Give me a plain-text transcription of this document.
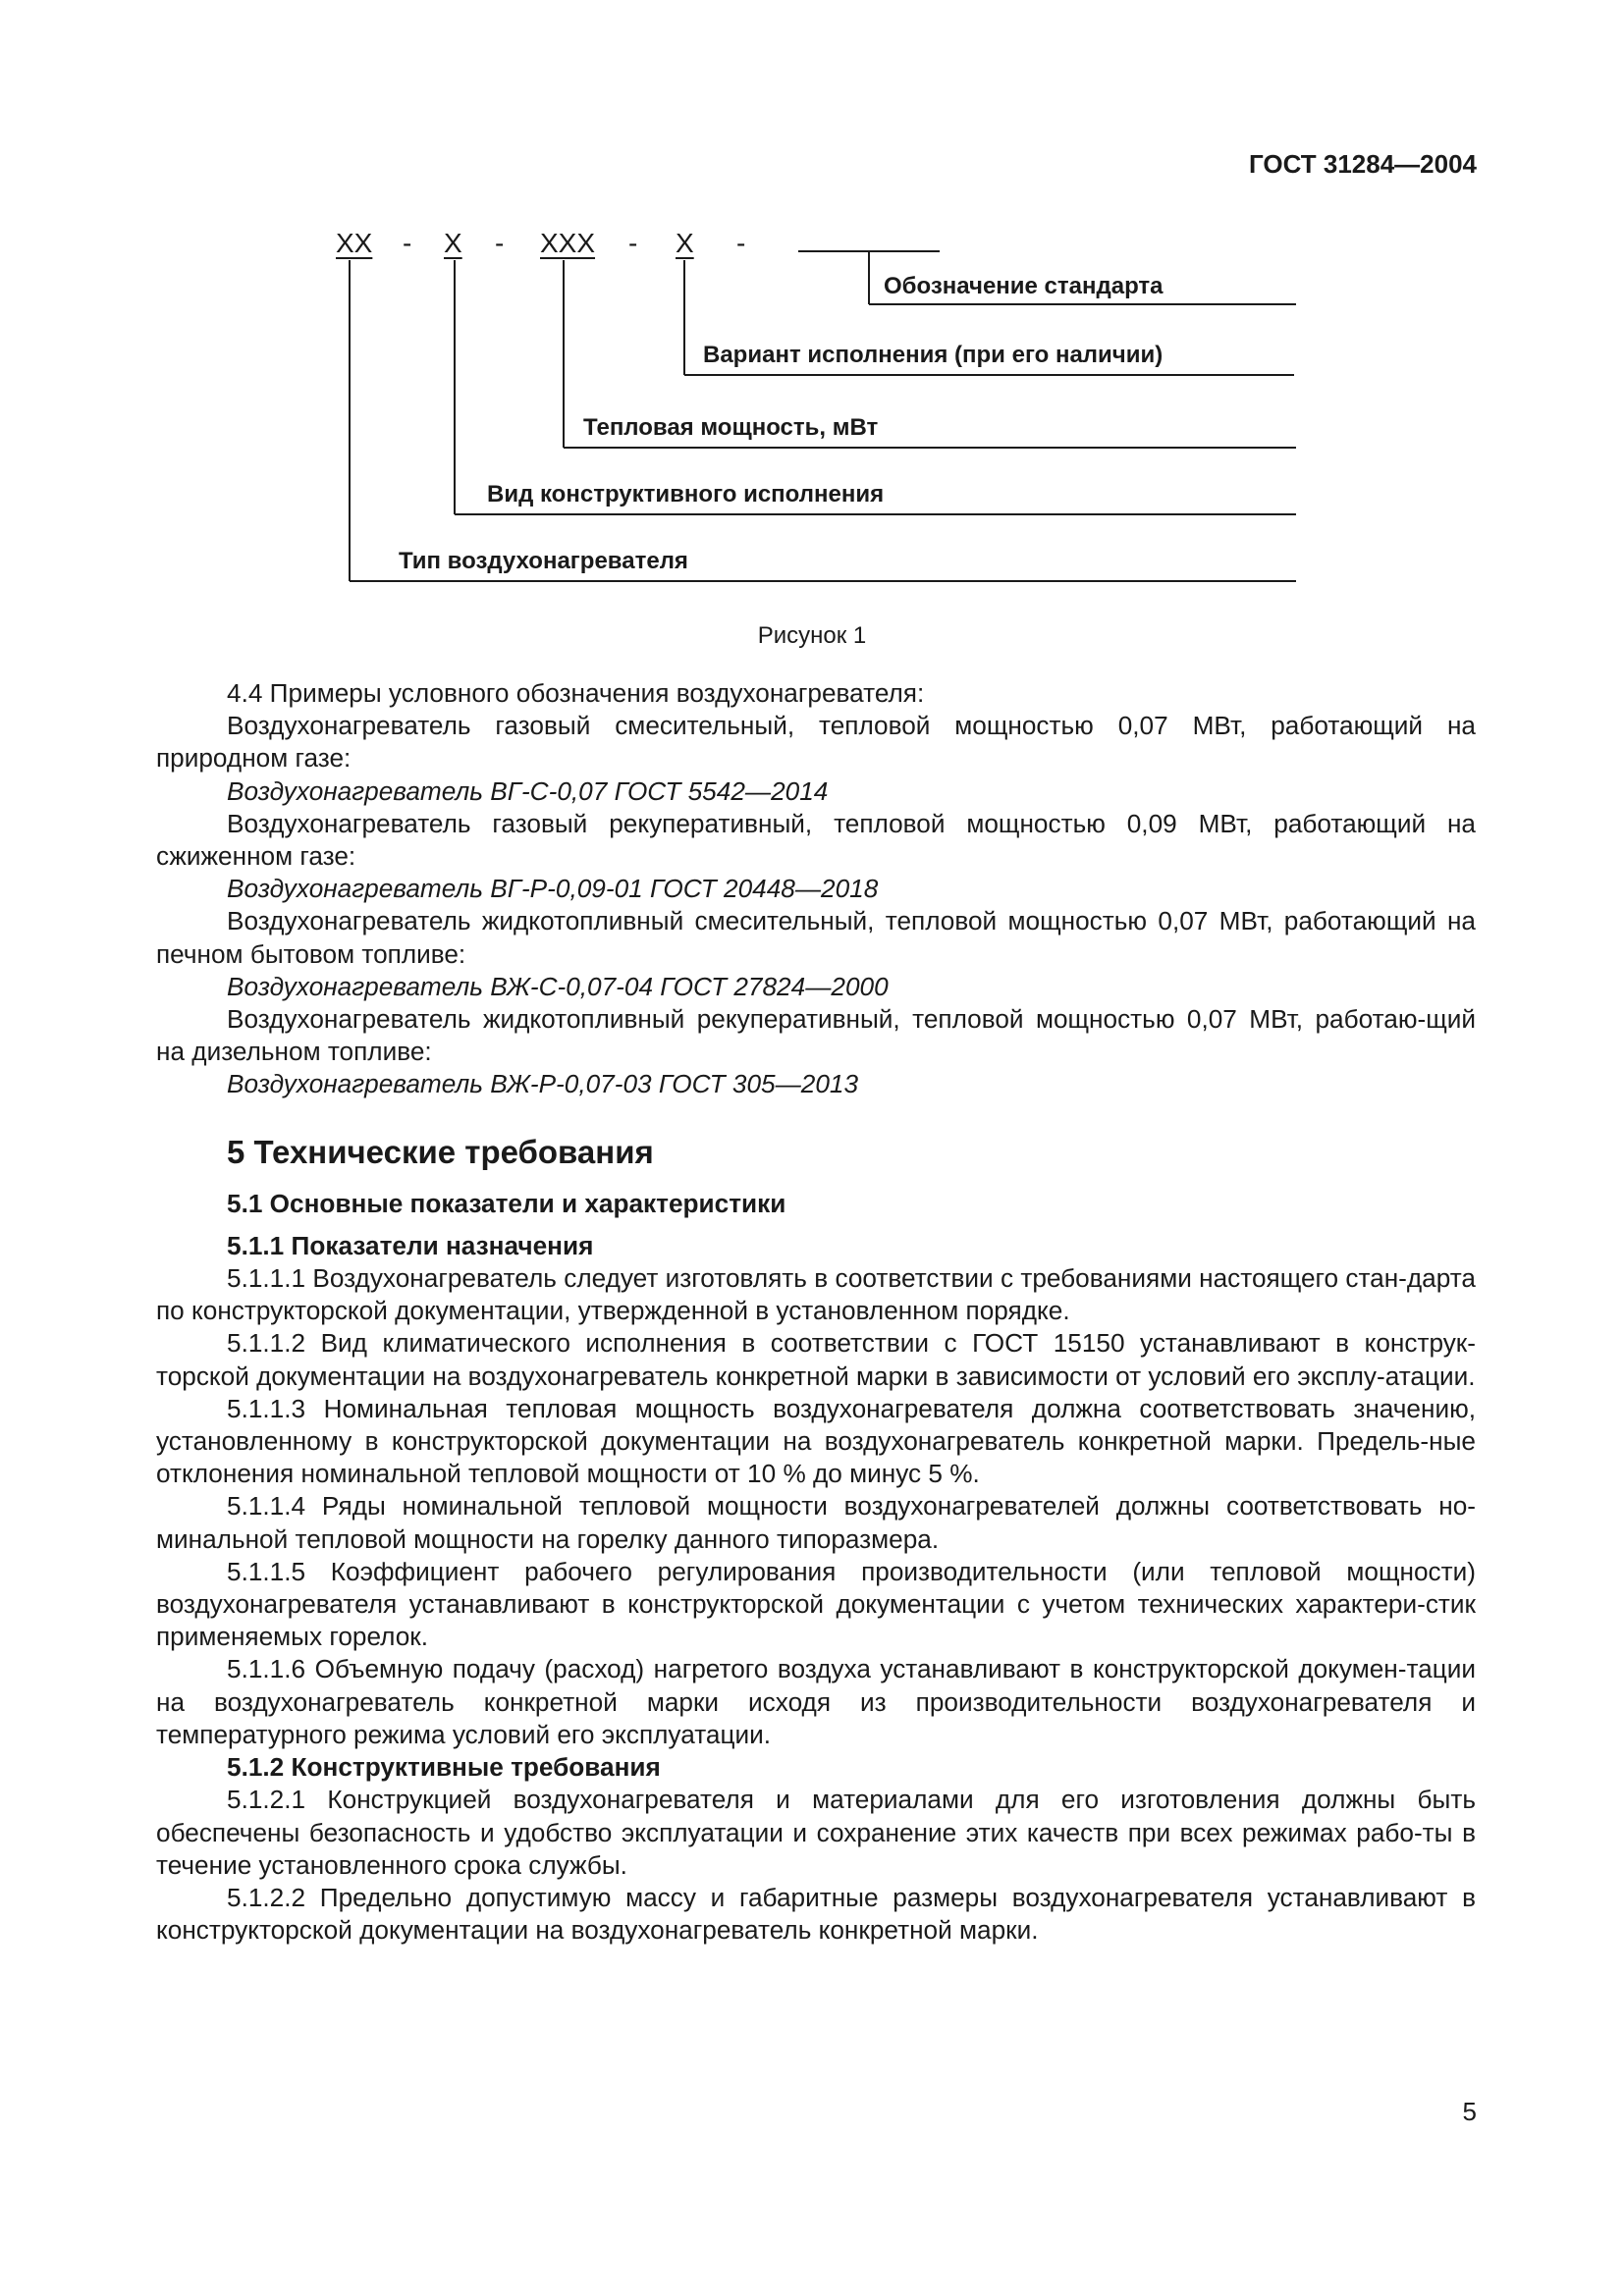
ГОСТ 31284—2004
XX - X - XXX - X -
Обозначение стандарта
Вариант исполнения (при его наличии)
Тепловая мощность, мВт
Вид конструктивного исполнения
Тип воздухонагревателя
Рисунок 1

4.4 Примеры условного обозначения воздухонагревателя:

Воздухонагреватель газовый смесительный, тепловой мощностью 0,07 МВт, работающий на природном газе:

Воздухонагреватель ВГ-С-0,07 ГОСТ 5542—2014

Воздухонагреватель газовый рекуперативный, тепловой мощностью 0,09 МВт, работающий на сжиженном газе:

Воздухонагреватель ВГ-Р-0,09-01 ГОСТ 20448—2018

Воздухонагреватель жидкотопливный смесительный, тепловой мощностью 0,07 МВт, работающий на печном бытовом топливе:

Воздухонагреватель ВЖ-С-0,07-04 ГОСТ 27824—2000

Воздухонагреватель жидкотопливный рекуперативный, тепловой мощностью 0,07 МВт, работаю-щий на дизельном топливе:

Воздухонагреватель ВЖ-Р-0,07-03 ГОСТ 305—2013

5 Технические требования

5.1 Основные показатели и характеристики

5.1.1 Показатели назначения

5.1.1.1 Воздухонагреватель следует изготовлять в соответствии с требованиями настоящего стан-дарта по конструкторской документации, утвержденной в установленном порядке.

5.1.1.2 Вид климатического исполнения в соответствии с ГОСТ 15150 устанавливают в конструк-торской документации на воздухонагреватель конкретной марки в зависимости от условий его эксплу-атации.

5.1.1.3 Номинальная тепловая мощность воздухонагревателя должна соответствовать значению, установленному в конструкторской документации на воздухонагреватель конкретной марки. Предель-ные отклонения номинальной тепловой мощности от 10 % до минус 5 %.

5.1.1.4 Ряды номинальной тепловой мощности воздухонагревателей должны соответствовать но-минальной тепловой мощности на горелку данного типоразмера.

5.1.1.5 Коэффициент рабочего регулирования производительности (или тепловой мощности) воздухонагревателя устанавливают в конструкторской документации с учетом технических характери-стик применяемых горелок.

5.1.1.6 Объемную подачу (расход) нагретого воздуха устанавливают в конструкторской докумен-тации на воздухонагреватель конкретной марки исходя из производительности воздухонагревателя и температурного режима условий его эксплуатации.

5.1.2 Конструктивные требования

5.1.2.1 Конструкцией воздухонагревателя и материалами для его изготовления должны быть обеспечены безопасность и удобство эксплуатации и сохранение этих качеств при всех режимах рабо-ты в течение установленного срока службы.

5.1.2.2 Предельно допустимую массу и габаритные размеры воздухонагревателя устанавливают в конструкторской документации на воздухонагреватель конкретной марки.

5
